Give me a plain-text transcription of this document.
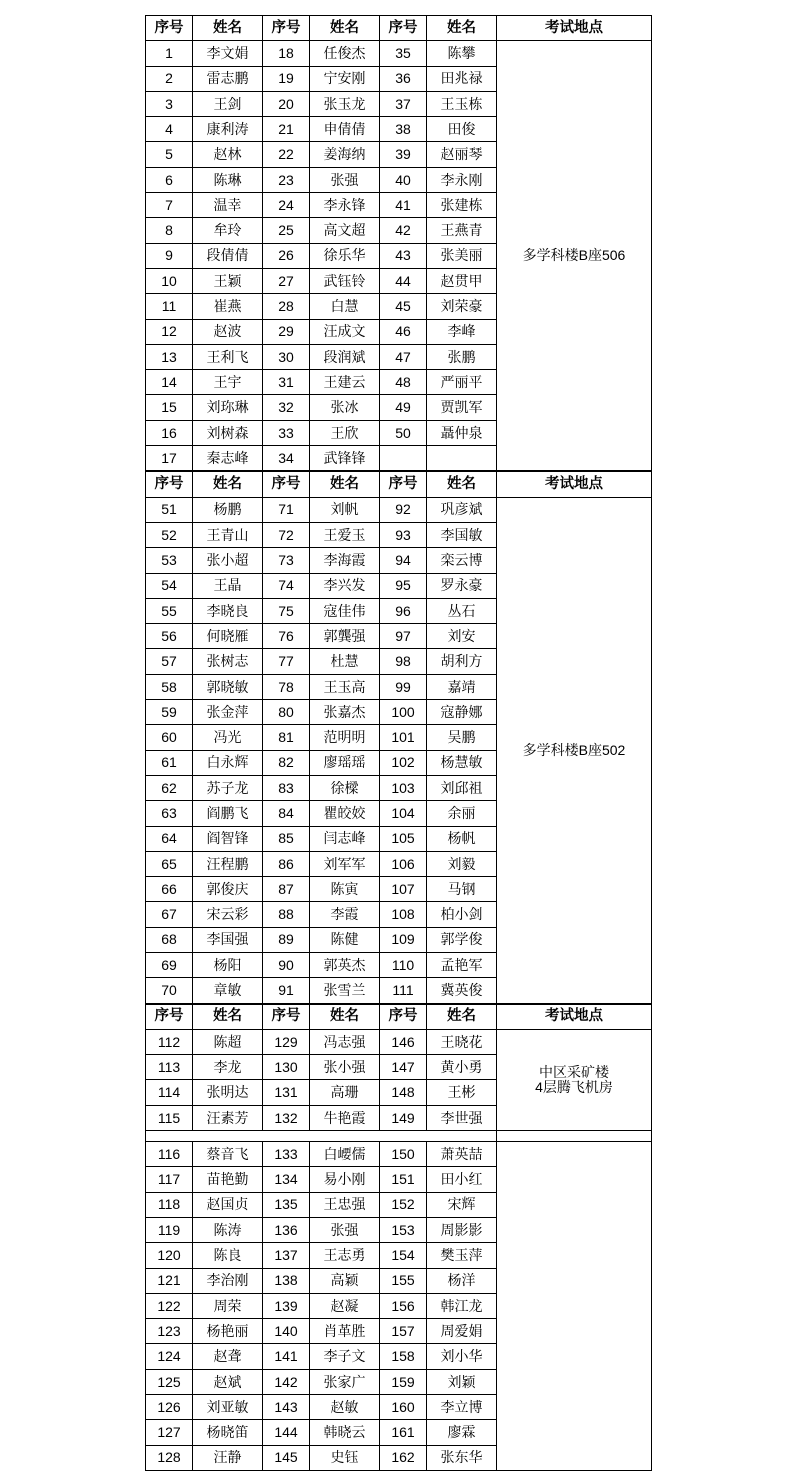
序号	姓名	序号	姓名	序号	姓名	考试地点
1	李文娟	18	任俊杰	35	陈攀	多学科楼B座506
2	雷志鹏	19	宁安刚	36	田兆禄	
3	王剑	20	张玉龙	37	王玉栋	
4	康利涛	21	申倩倩	38	田俊	
5	赵林	22	姜海纳	39	赵丽琴	
6	陈琳	23	张强	40	李永刚	
7	温幸	24	李永锋	41	张建栋	
8	牟玲	25	高文超	42	王燕青	
9	段倩倩	26	徐乐华	43	张美丽	
10	王颖	27	武钰铃	44	赵贯甲	
11	崔燕	28	白慧	45	刘荣豪	
12	赵波	29	汪成文	46	李峰	
13	王利飞	30	段润斌	47	张鹏	
14	王宇	31	王建云	48	严丽平	
15	刘珎琳	32	张冰	49	贾凯军	
16	刘树森	33	王欣	50	聶仲泉	
17	秦志峰	34	武锋锋			
序号	姓名	序号	姓名	序号	姓名	考试地点
51	杨鹏	71	刘帆	92	巩彦斌	多学科楼B座502
52	王青山	72	王爱玉	93	李国敏	
53	张小超	73	李海霞	94	栾云博	
54	王晶	74	李兴发	95	罗永豪	
55	李晓良	75	寇佳伟	96	丛石	
56	何晓雁	76	郭龔强	97	刘安	
57	张树志	77	杜慧	98	胡利方	
58	郭晓敏	78	王玉高	99	嘉靖	
59	张金萍	80	张嘉杰	100	寇静娜	
60	冯光	81	范明明	101	吴鹏	
61	白永辉	82	廖瑶瑶	102	杨慧敏	
62	苏子龙	83	徐樑	103	刘邱祖	
63	阎鹏飞	84	瞿皎姣	104	余丽	
64	阎智锋	85	闫志峰	105	杨帆	
65	汪程鹏	86	刘军军	106	刘毅	
66	郭俊庆	87	陈寅	107	马钢	
67	宋云彩	88	李霞	108	柏小剑	
68	李国强	89	陈健	109	郭学俊	
69	杨阳	90	郭英杰	110	孟艳军	
70	章敏	91	张雪兰	111	冀英俊	
序号	姓名	序号	姓名	序号	姓名	考试地点
112	陈超	129	冯志强	146	王晓花	中区采矿楼
4层腾飞机房
113	李龙	130	张小强	147	黄小勇	
114	张明达	131	高珊	148	王彬	
115	汪素芳	132	牛艳霞	149	李世强	

116	蔡音飞	133	白崾儒	150	萧英喆	
117	苗艳勤	134	易小刚	151	田小红	
118	赵国贞	135	王忠强	152	宋辉	
119	陈涛	136	张强	153	周影影	
120	陈良	137	王志勇	154	樊玉萍	
121	李治刚	138	高颖	155	杨洋	
122	周荣	139	赵凝	156	韩江龙	
123	杨艳丽	140	肖革胜	157	周爱娟	
124	赵聋	141	李子文	158	刘小华	
125	赵斌	142	张家广	159	刘颖	
126	刘亚敏	143	赵敏	160	李立博	
127	杨晓笛	144	韩晓云	161	廖霖	
128	汪静	145	史钰	162	张东华	
